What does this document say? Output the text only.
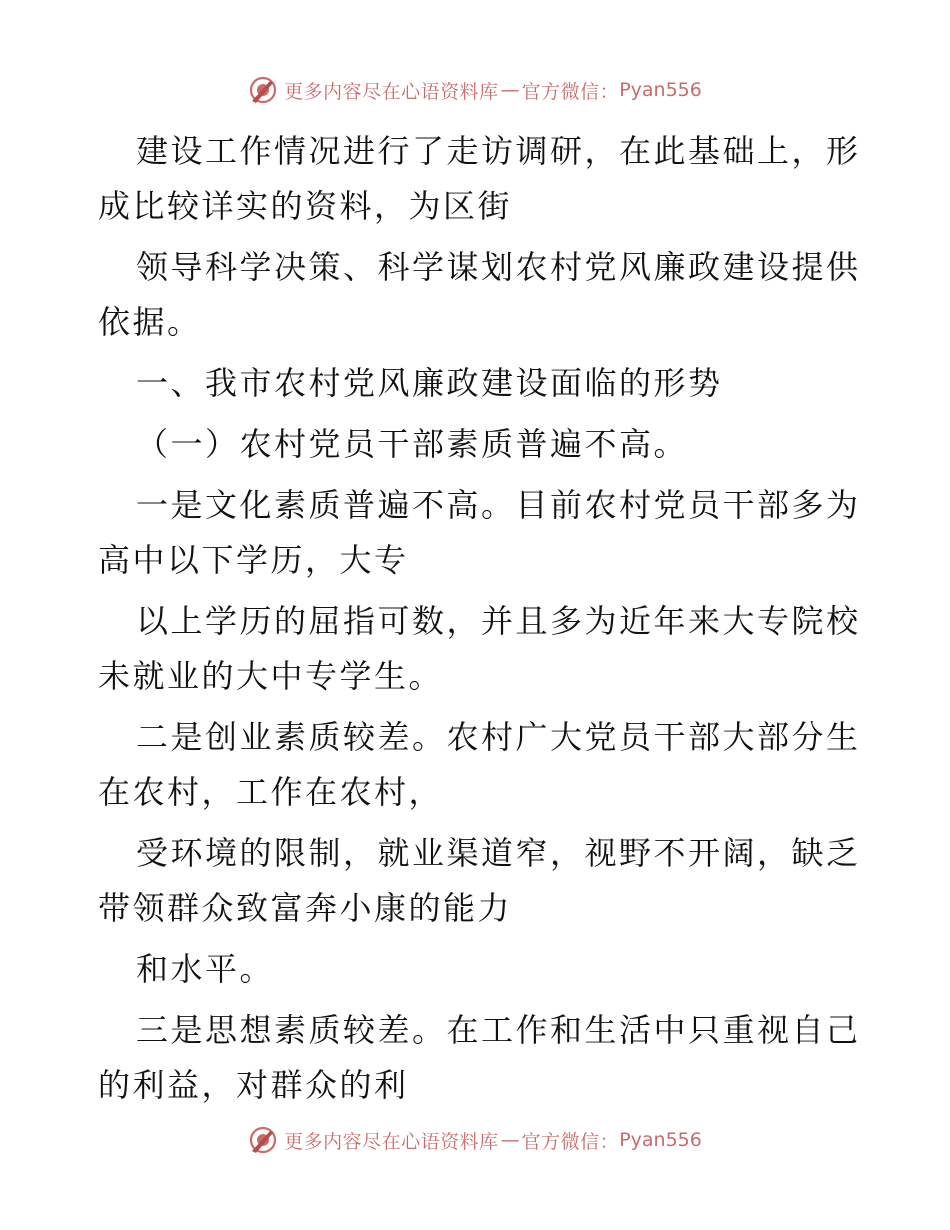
更多内容尽在心语资料库 — 官方微信： Pyan556
建设工作情况进行了走访调研，在此基础上，形
成比较详实的资料，为区街
领导科学决策、科学谋划农村党风廉政建设提供
依据。
一、我市农村党风廉政建设面临的形势
（一）农村党员干部素质普遍不高。
一是文化素质普遍不高。目前农村党员干部多为
高中以下学历，大专
以上学历的屈指可数，并且多为近年来大专院校
未就业的大中专学生。
二是创业素质较差。农村广大党员干部大部分生
在农村，工作在农村，
受环境的限制，就业渠道窄，视野不开阔，缺乏
带领群众致富奔小康的能力
和水平。
三是思想素质较差。在工作和生活中只重视自己
的利益，对群众的利
更多内容尽在心语资料库 — 官方微信： Pyan556
